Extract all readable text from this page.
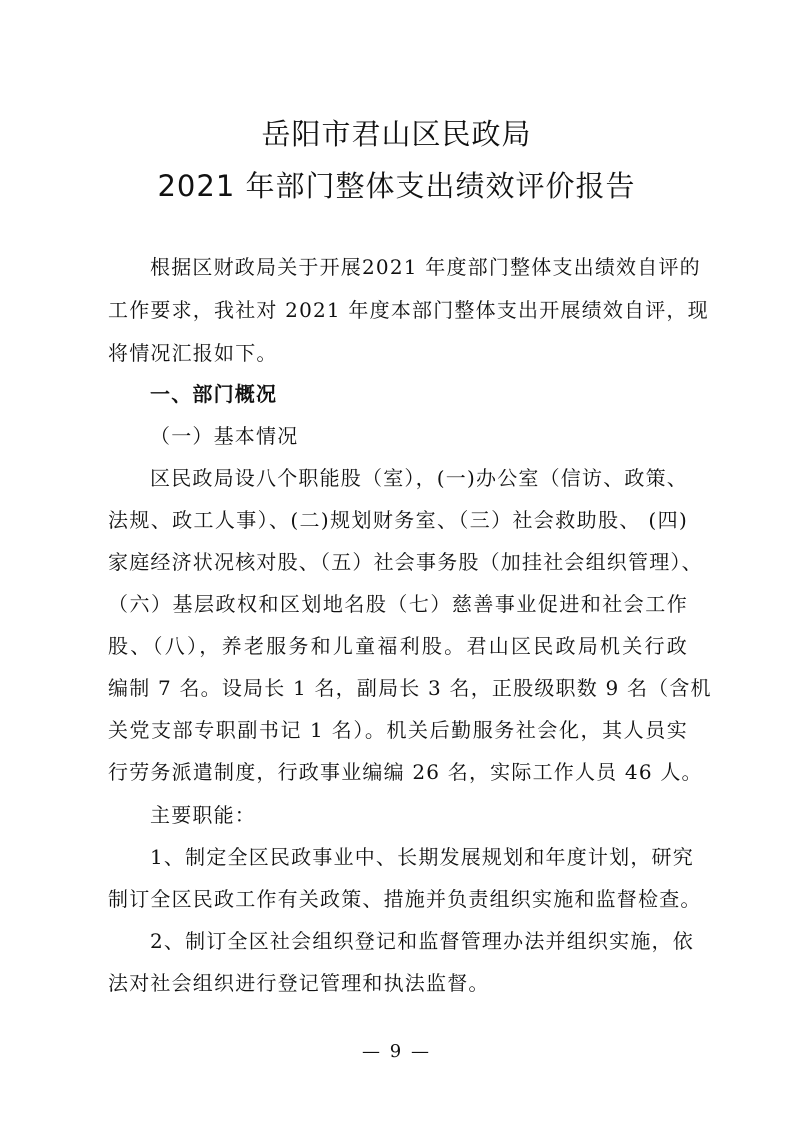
岳阳市君山区民政局
2021 年部门整体支出绩效评价报告
根据区财政局关于开展2021 年度部门整体支出绩效自评的
工作要求，我社对 2021 年度本部门整体支出开展绩效自评，现
将情况汇报如下。
一、部门概况
（一）基本情况
区民政局设八个职能股（室），(一)办公室（信访、政策、
法规、政工人事）、(二)规划财务室、（三）社会救助股、 (四)
家庭经济状况核对股、（五）社会事务股（加挂社会组织管理）、
（六）基层政权和区划地名股（七）慈善事业促进和社会工作
股、（八），养老服务和儿童福利股。君山区民政局机关行政
编制 7 名。设局长 1 名，副局长 3 名，正股级职数 9 名（含机
关党支部专职副书记 1 名）。机关后勤服务社会化，其人员实
行劳务派遣制度，行政事业编编 26 名，实际工作人员 46 人。
主要职能：
1、制定全区民政事业中、长期发展规划和年度计划，研究
制订全区民政工作有关政策、措施并负责组织实施和监督检查。
2、制订全区社会组织登记和监督管理办法并组织实施，依
法对社会组织进行登记管理和执法监督。
— 9 —
